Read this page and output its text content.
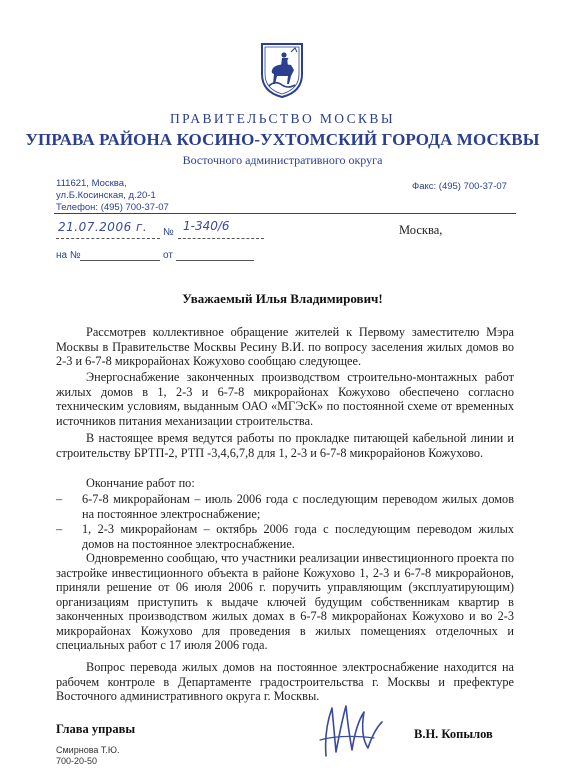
ПРАВИТЕЛЬСТВО МОСКВЫ
УПРАВА РАЙОНА КОСИНО-УХТОМСКИЙ ГОРОДА МОСКВЫ
Восточного административного округа
111621, Москва,
ул.Б.Косинская, д.20-1
Телефон: (495) 700-37-07
Факс: (495) 700-37-07
21.07.2006 г. № 1-340/6
на №	от
Москва,
Уважаемый Илья Владимирович!
Рассмотрев коллективное обращение жителей к Первому заместителю Мэра Москвы в Правительстве Москвы Ресину В.И. по вопросу заселения жилых домов во 2-3 и 6-7-8 микрорайонах Кожухово сообщаю следующее.
Энергоснабжение законченных производством строительно-монтажных работ жилых домов в 1, 2-3 и 6-7-8 микрорайонах Кожухово обеспечено согласно техническим условиям, выданным ОАО «МГЭсК» по постоянной схеме от временных источников питания механизации строительства.
В настоящее время ведутся работы по прокладке питающей кабельной линии и строительству БРТП-2, РТП -3,4,6,7,8 для 1, 2-3 и 6-7-8 микрорайонов Кожухово.
Окончание работ по:
–	6-7-8 микрорайонам – июль 2006 года с последующим переводом жилых домов на постоянное электроснабжение;
–	1, 2-3 микрорайонам – октябрь 2006 года с последующим переводом жилых домов на постоянное электроснабжение.
Одновременно сообщаю, что участники реализации инвестиционного проекта по застройке инвестиционного объекта в районе Кожухово 1, 2-3 и 6-7-8 микрорайонов, приняли решение от 06 июля 2006 г. поручить управляющим (эксплуатирующим) организациям приступить к выдаче ключей будущим собственникам квартир в законченных производством жилых домах в 6-7-8 микрорайонах Кожухово и во 2-3 микрорайонах Кожухово для проведения в жилых помещениях отделочных и специальных работ с 17 июля 2006 года.
Вопрос перевода жилых домов на постоянное электроснабжение находится на рабочем контроле в Департаменте градостроительства г. Москвы и префектуре Восточного административного округа г. Москвы.
Глава управы	В.Н. Копылов
Смирнова Т.Ю.
700-20-50
